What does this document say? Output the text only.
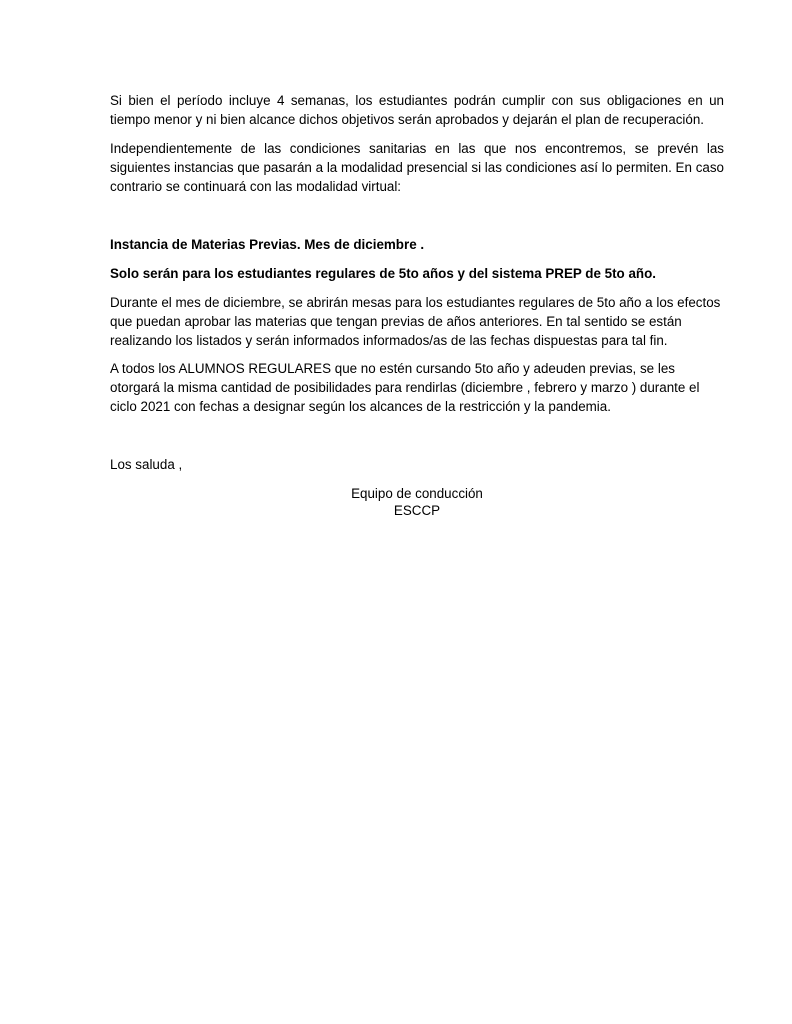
Si bien el período incluye 4 semanas, los estudiantes podrán cumplir con sus obligaciones en un tiempo menor y ni bien alcance dichos objetivos serán aprobados y dejarán el plan de recuperación.

Independientemente de las condiciones sanitarias en las que nos encontremos, se prevén las siguientes instancias que pasarán a la modalidad presencial si las condiciones así lo permiten. En caso contrario se continuará con las modalidad virtual:

Instancia de Materias Previas. Mes de diciembre .

Solo serán para los estudiantes regulares de 5to años y del sistema PREP de 5to año.

Durante el mes de diciembre, se abrirán mesas para los estudiantes regulares de 5to año a los efectos que puedan aprobar las materias que tengan previas de años anteriores. En tal sentido se están realizando los listados y serán informados informados/as de las fechas dispuestas para tal fin.

A todos los ALUMNOS REGULARES que no estén cursando 5to año y adeuden previas, se les otorgará la misma cantidad de posibilidades para rendirlas (diciembre , febrero y marzo ) durante el ciclo 2021 con fechas a designar según los alcances de la restricción y la pandemia.

Los saluda ,

Equipo de conducción

ESCCP
